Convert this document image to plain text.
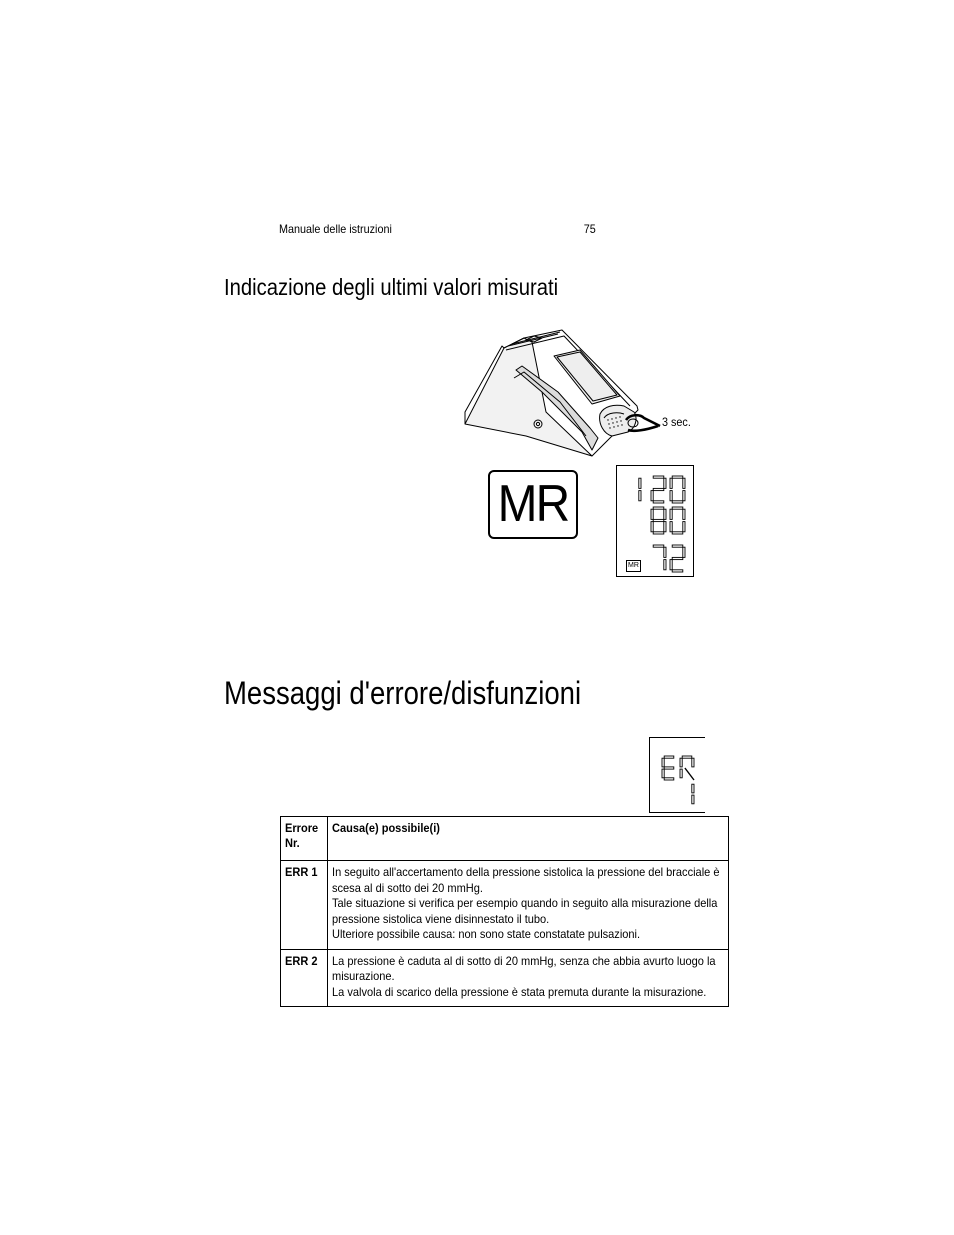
Manuale delle istruzioni	75
Indicazione degli ultimi valori misurati
3 sec.
MR
MR
Messaggi d'errore/disfunzioni
Errore Nr.	Causa(e) possibile(i)

ERR 1	In seguito all'accertamento della pressione sistolica la pressione del bracciale è scesa al di sotto dei 20 mmHg.
Tale situazione si verifica per esempio quando in seguito alla misurazione della pressione sistolica viene disinnestato il tubo.
Ulteriore possibile causa: non sono state constatate pulsazioni.

ERR 2	La pressione è caduta al di sotto di 20 mmHg, senza che abbia avurto luogo la misurazione.
La valvola di scarico della pressione è stata premuta durante la misurazione.
